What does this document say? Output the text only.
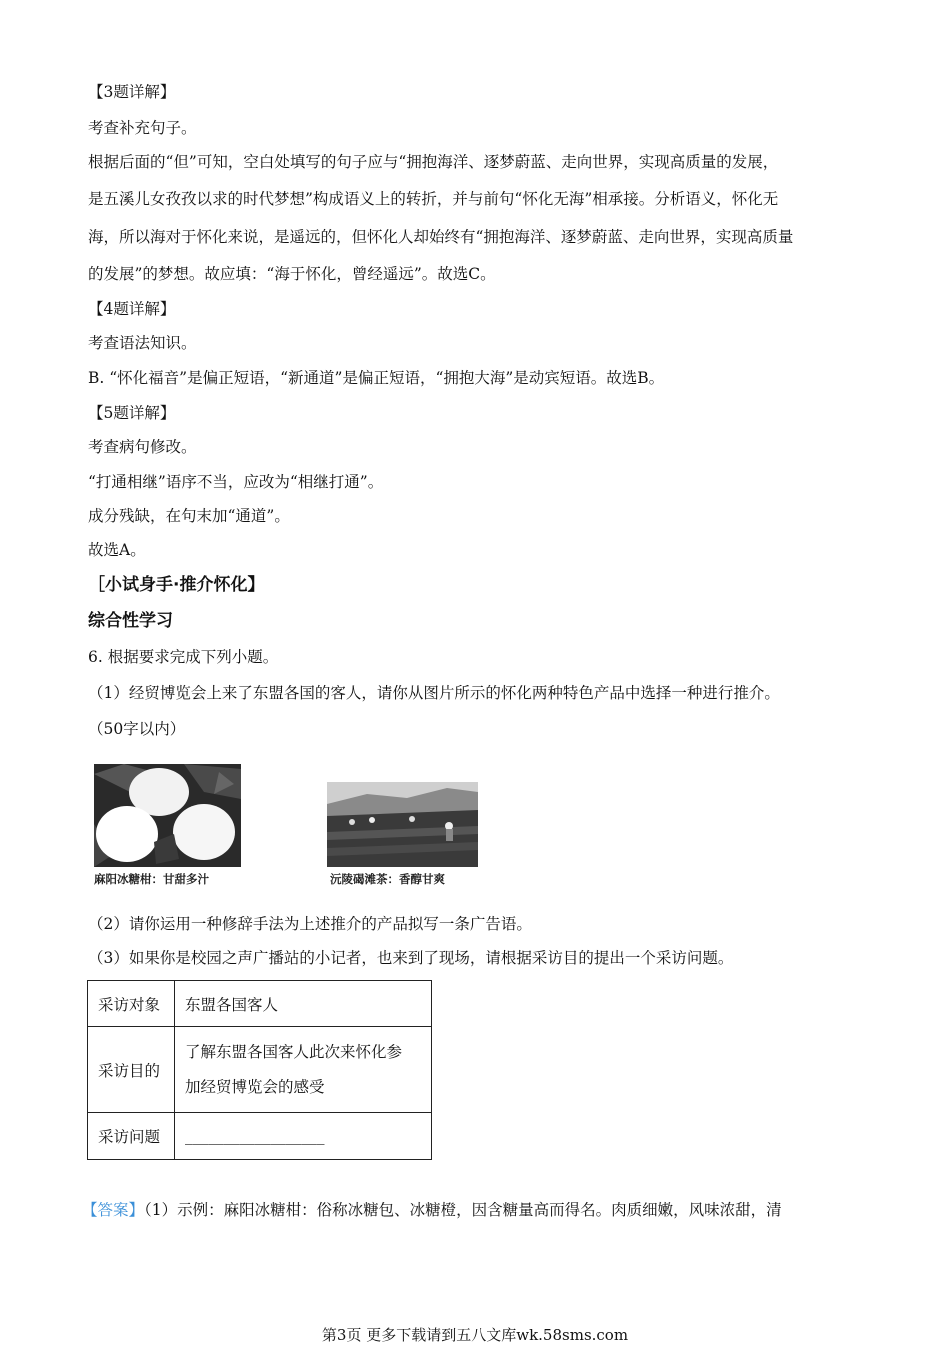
【3题详解】
考查补充句子。
根据后面的“但”可知，空白处填写的句子应与“拥抱海洋、逐梦蔚蓝、走向世界，实现高质量的发展，
是五溪儿女孜孜以求的时代梦想”构成语义上的转折，并与前句“怀化无海”相承接。分析语义，怀化无
海，所以海对于怀化来说，是遥远的，但怀化人却始终有“拥抱海洋、逐梦蔚蓝、走向世界，实现高质量
的发展”的梦想。故应填：“海于怀化，曾经遥远”。故选C。
【4题详解】
考查语法知识。
B. “怀化福音”是偏正短语，“新通道”是偏正短语，“拥抱大海”是动宾短语。故选B。
【5题详解】
考查病句修改。
“打通相继”语序不当，应改为“相继打通”。
成分残缺，在句末加“通道”。
故选A。
［小试身手·推介怀化】
综合性学习
6. 根据要求完成下列小题。
（1）经贸博览会上来了东盟各国的客人，请你从图片所示的怀化两种特色产品中选择一种进行推介。
（50字以内）
麻阳冰糖柑：甘甜多汁	沅陵碣滩茶：香醇甘爽
（2）请你运用一种修辞手法为上述推介的产品拟写一条广告语。
（3）如果你是校园之声广播站的小记者，也来到了现场，请根据采访目的提出一个采访问题。
采访对象	东盟各国客人
采访目的	了解东盟各国客人此次来怀化参
加经贸博览会的感受

采访问题	__________________
【答案】（1）示例：麻阳冰糖柑：俗称冰糖包、冰糖橙，因含糖量高而得名。肉质细嫩，风味浓甜，清
第3页 更多下载请到五八文库wk.58sms.com
